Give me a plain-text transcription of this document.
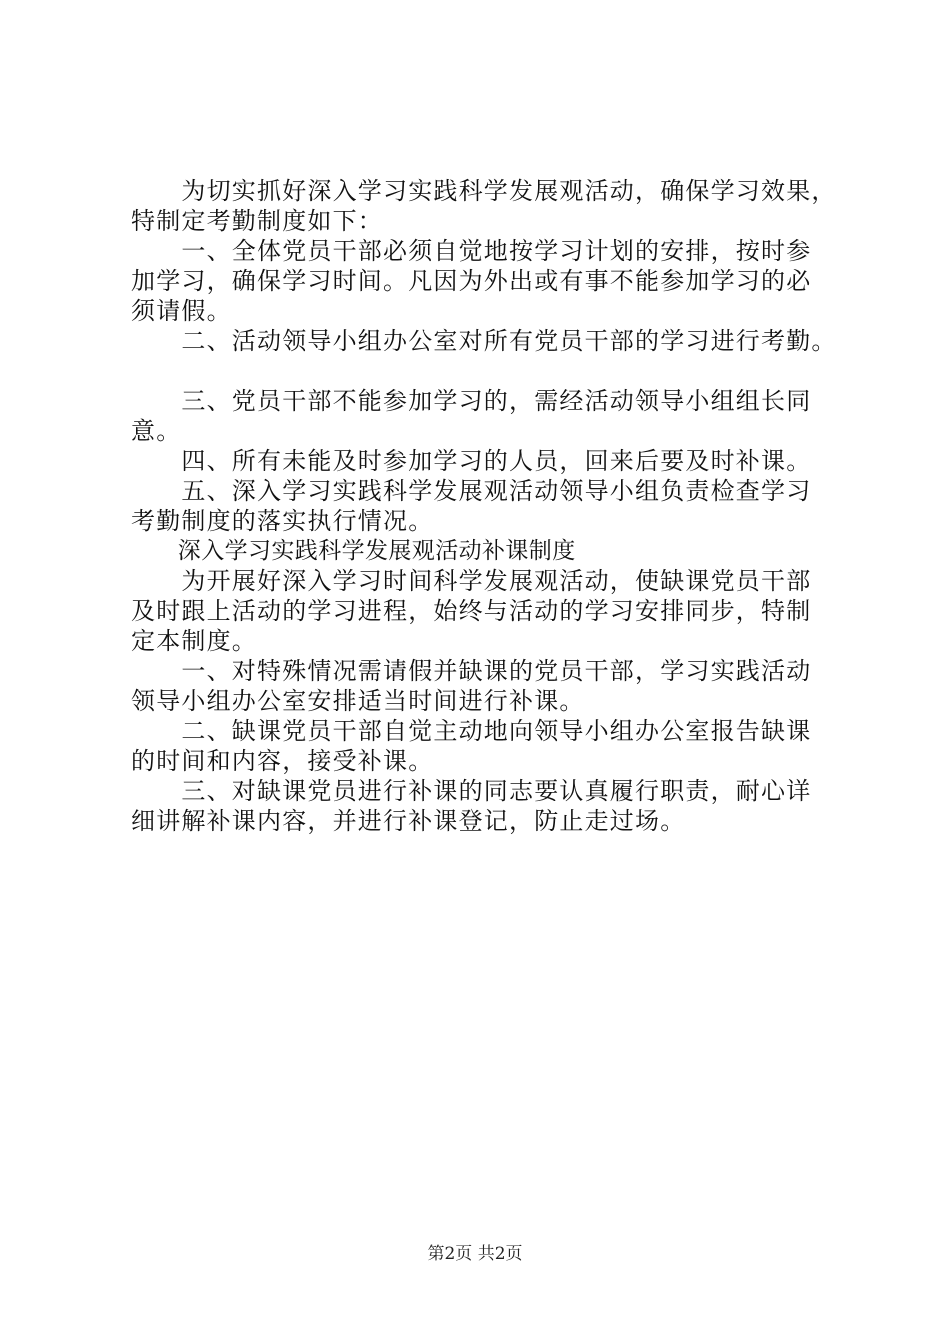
　　为切实抓好深入学习实践科学发展观活动，确保学习效果，
特制定考勤制度如下：
　　一、全体党员干部必须自觉地按学习计划的安排，按时参
加学习，确保学习时间。凡因为外出或有事不能参加学习的必
须请假。
　　二、活动领导小组办公室对所有党员干部的学习进行考勤。
　　三、党员干部不能参加学习的，需经活动领导小组组长同
意。
　　四、所有未能及时参加学习的人员，回来后要及时补课。
　　五、深入学习实践科学发展观活动领导小组负责检查学习
考勤制度的落实执行情况。
　　深入学习实践科学发展观活动补课制度
　　为开展好深入学习时间科学发展观活动，使缺课党员干部
及时跟上活动的学习进程，始终与活动的学习安排同步，特制
定本制度。
　　一、对特殊情况需请假并缺课的党员干部，学习实践活动
领导小组办公室安排适当时间进行补课。
　　二、缺课党员干部自觉主动地向领导小组办公室报告缺课
的时间和内容，接受补课。
　　三、对缺课党员进行补课的同志要认真履行职责，耐心详
细讲解补课内容，并进行补课登记，防止走过场。
第2页 共2页
